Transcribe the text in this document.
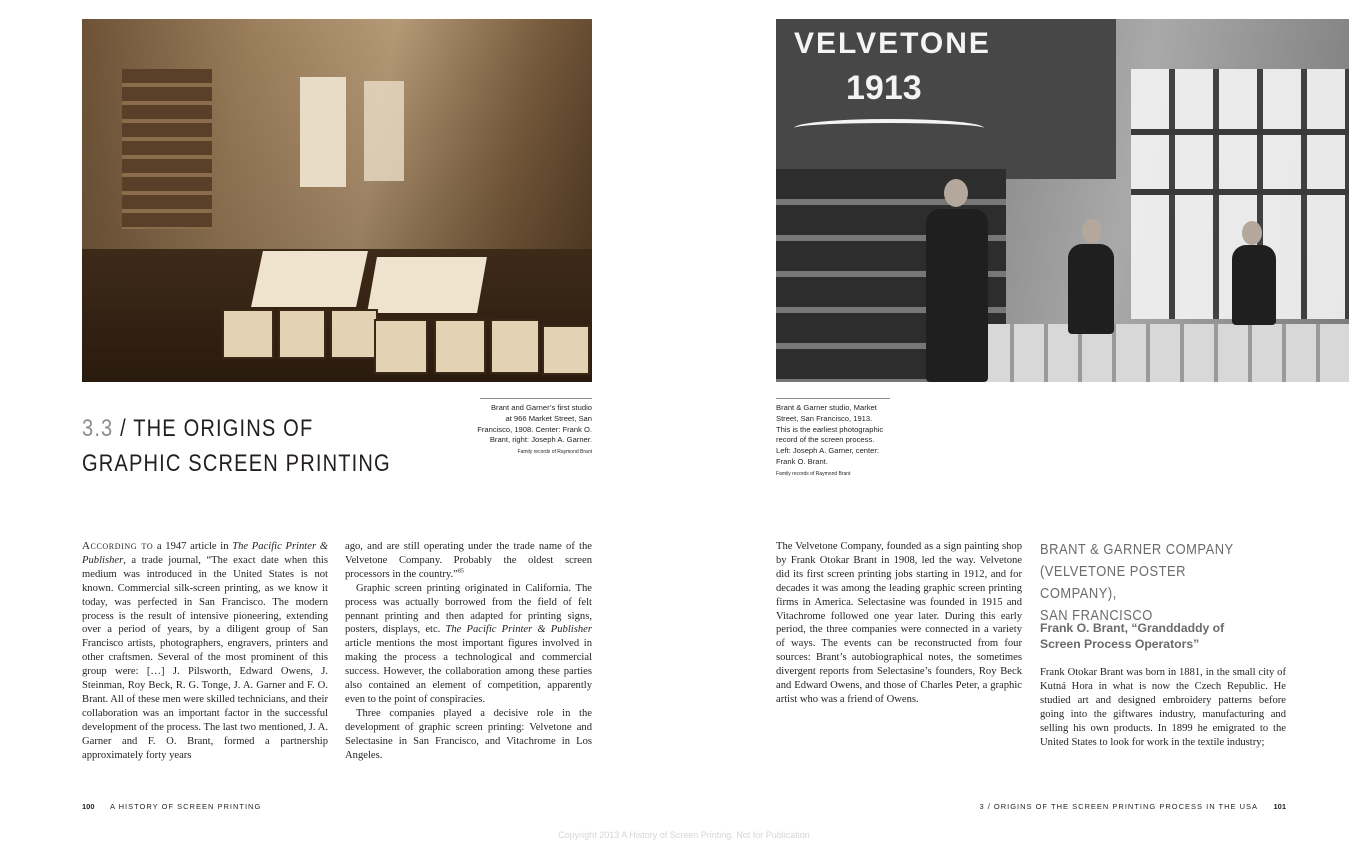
VELVETONE
1913
Brant and Garner’s first studio
at 966 Market Street, San
Francisco, 1908. Center: Frank O.
Brant, right: Joseph A. Garner.
Family records of Raymond Brant
Brant & Garner studio, Market
Street, San Francisco, 1913.
This is the earliest photographic
record of the screen process.
Left: Joseph A. Garner, center:
Frank O. Brant.
Family records of Raymond Brant
3.3 / THE ORIGINS OF
GRAPHIC SCREEN PRINTING

According to a 1947 article in The Pacific Printer & Publisher, a trade journal, “The exact date when this medium was introduced in the United States is not known. Commercial silk-screen printing, as we know it today, was perfected in San Francisco. The modern process is the result of intensive pioneering, extending over a period of years, by a diligent group of San Francisco artists, photographers, engravers, printers and other craftsmen. Several of the most prominent of this group were: […] J. Pilsworth, Edward Owens, J. Steinman, Roy Beck, R. G. Tonge, J. A. Garner and F. O. Brant. All of these men were skilled technicians, and their collaboration was an important factor in the successful development of the process. The last two mentioned, J. A. Garner and F. O. Brant, formed a partnership approximately forty years

ago, and are still operating under the trade name of the Velvetone Company. Probably the oldest screen processors in the country.”$^{85}$

Graphic screen printing originated in California. The process was actually borrowed from the field of felt pennant printing and then adapted for printing signs, posters, displays, etc. The Pacific Printer & Publisher article mentions the most important figures involved in making the process a technological and commercial success. However, the collaboration among these parties also contained an element of competition, apparently even to the point of conspiracies.

Three companies played a decisive role in the development of graphic screen printing: Velvetone and Selectasine in San Francisco, and Vitachrome in Los Angeles.

The Velvetone Company, founded as a sign painting shop by Frank Otokar Brant in 1908, led the way. Velvetone did its first screen printing jobs starting in 1912, and for decades it was among the leading graphic screen printing firms in America. Selectasine was founded in 1915 and Vitachrome followed one year later. During this early period, the three companies were connected in a variety of ways. The events can be reconstructed from four sources: Brant’s autobiographical notes, the sometimes divergent reports from Selectasine’s founders, Roy Beck and Edward Owens, and those of Charles Peter, a graphic artist who was a friend of Owens.

BRANT & GARNER COMPANY
(VELVETONE POSTER COMPANY),
SAN FRANCISCO
Frank O. Brant, “Granddaddy of
Screen Process Operators”

Frank Otokar Brant was born in 1881, in the small city of Kutná Hora in what is now the Czech Republic. He studied art and designed embroidery patterns before going into the giftwares industry, manufacturing and selling his own products. In 1899 he emigrated to the United States to look for work in the textile industry;

100 A HISTORY OF SCREEN PRINTING	3 / ORIGINS OF THE SCREEN PRINTING PROCESS IN THE USA 101
Copyright 2013 A History of Screen Printing. Not for Publication
